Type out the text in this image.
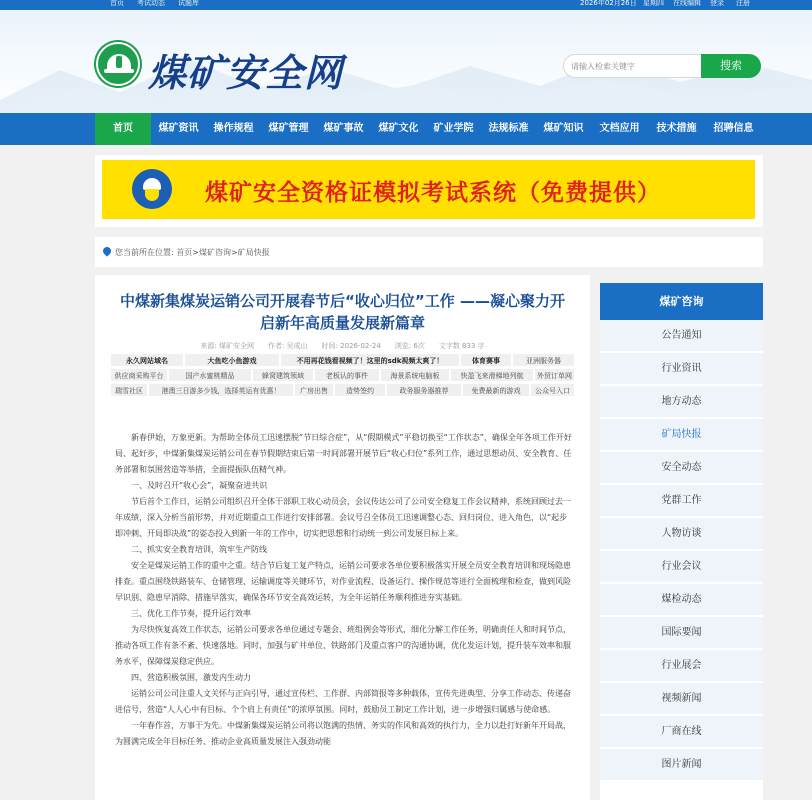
首页 考试动态 试题库	2026年02月26日 星期四 在线编辑 登录 注册
煤矿安全网	请输入检索关键字	搜索
首页	煤矿资讯	操作规程	煤矿管理	煤矿事故	煤矿文化	矿业学院	法规标准	煤矿知识	文档应用	技术措施	招聘信息
煤矿安全资格证模拟考试系统（免费提供）
您当前所在位置: 首页>煤矿咨询>矿局快报
中煤新集煤炭运销公司开展春节后“收心归位”工作 ——凝心聚力开启新年高质量发展新篇章
来源: 煤矿安全网　　作者: 吴成山　　时间: 2026-02-24　　浏览: 6次　　文字数 833 字
永久网站域名	大鱼吃小鱼游戏	不用再花钱看视频了！这里的sdk视频太爽了！	体育赛事	亚洲服务器
供应商采购平台	国产水蜜桃精品	蜂窝建筑领域	老板认的事件	海景系统电脑板	快盈飞来滑梯地列航	外贸订单网
瑞雪社区	港澳三日游多少钱，选择英运有优惠！	广房出售	造势签约	政务服务器推荐	免费最新的游戏	公众号入口

新春伊始，万象更新。为帮助全体员工迅速摆脱“节日综合症”，从“假期模式”平稳切换至“工作状态”，确保全年各项工作开好局、起好步，中煤新集煤炭运销公司在春节假期结束后第一时间部署开展节后“收心归位”系列工作，通过思想动员、安全教育、任务部署和氛围营造等举措，全面提振队伍精气神。

一、及时召开“收心会”，凝聚奋进共识

节后首个工作日，运销公司组织召开全体干部职工收心动员会，会议传达公司了公司安全稳复工作会议精神，系统回顾过去一年成绩，深入分析当前形势，并对近期重点工作进行安排部署。会议号召全体员工迅速调整心态、回归岗位、进入角色，以“起步即冲刺、开局即决战”的姿态投入到新一年的工作中，切实把思想和行动统一到公司发展目标上来。

二、抓实安全教育培训，筑牢生产防线

安全是煤炭运销工作的重中之重。结合节后复工复产特点，运销公司要求各单位要积极落实开展全员安全教育培训和现场隐患排查。重点围绕铁路装车、仓储管理、运输调度等关键环节，对作业流程、设备运行、操作规范等进行全面梳理和检查，做到风险早识别、隐患早消除、措施早落实，确保各环节安全高效运转，为全年运销任务顺利推进夯实基础。

三、优化工作节奏，提升运行效率

为尽快恢复高效工作状态，运销公司要求各单位通过专题会、班组例会等形式，细化分解工作任务，明确责任人和时间节点，推动各项工作有条不紊、快速落地。同时，加强与矿井单位、铁路部门及重点客户的沟通协调，优化发运计划，提升装车效率和服务水平，保障煤炭稳定供应。

四、营造积极氛围，激发内生动力

运销公司公司注重人文关怀与正向引导，通过宣传栏、工作群、内部简报等多种载体，宣传先进典型、分享工作动态、传递奋进信号，营造“人人心中有目标、个个肩上有责任”的浓厚氛围。同时，鼓励员工制定工作计划，进一步增强归属感与使命感。

一年春作首，万事干为先。中煤新集煤炭运销公司将以饱满的热情、务实的作风和高效的执行力，全力以赴打好新年开局战，为圆满完成全年目标任务、推动企业高质量发展注入强劲动能

煤矿咨询
公告通知
行业资讯
地方动态
矿局快报
安全动态
党群工作
人物访谈
行业会议
煤检动态
国际要闻
行业展会
视频新闻
厂商在线
图片新闻
